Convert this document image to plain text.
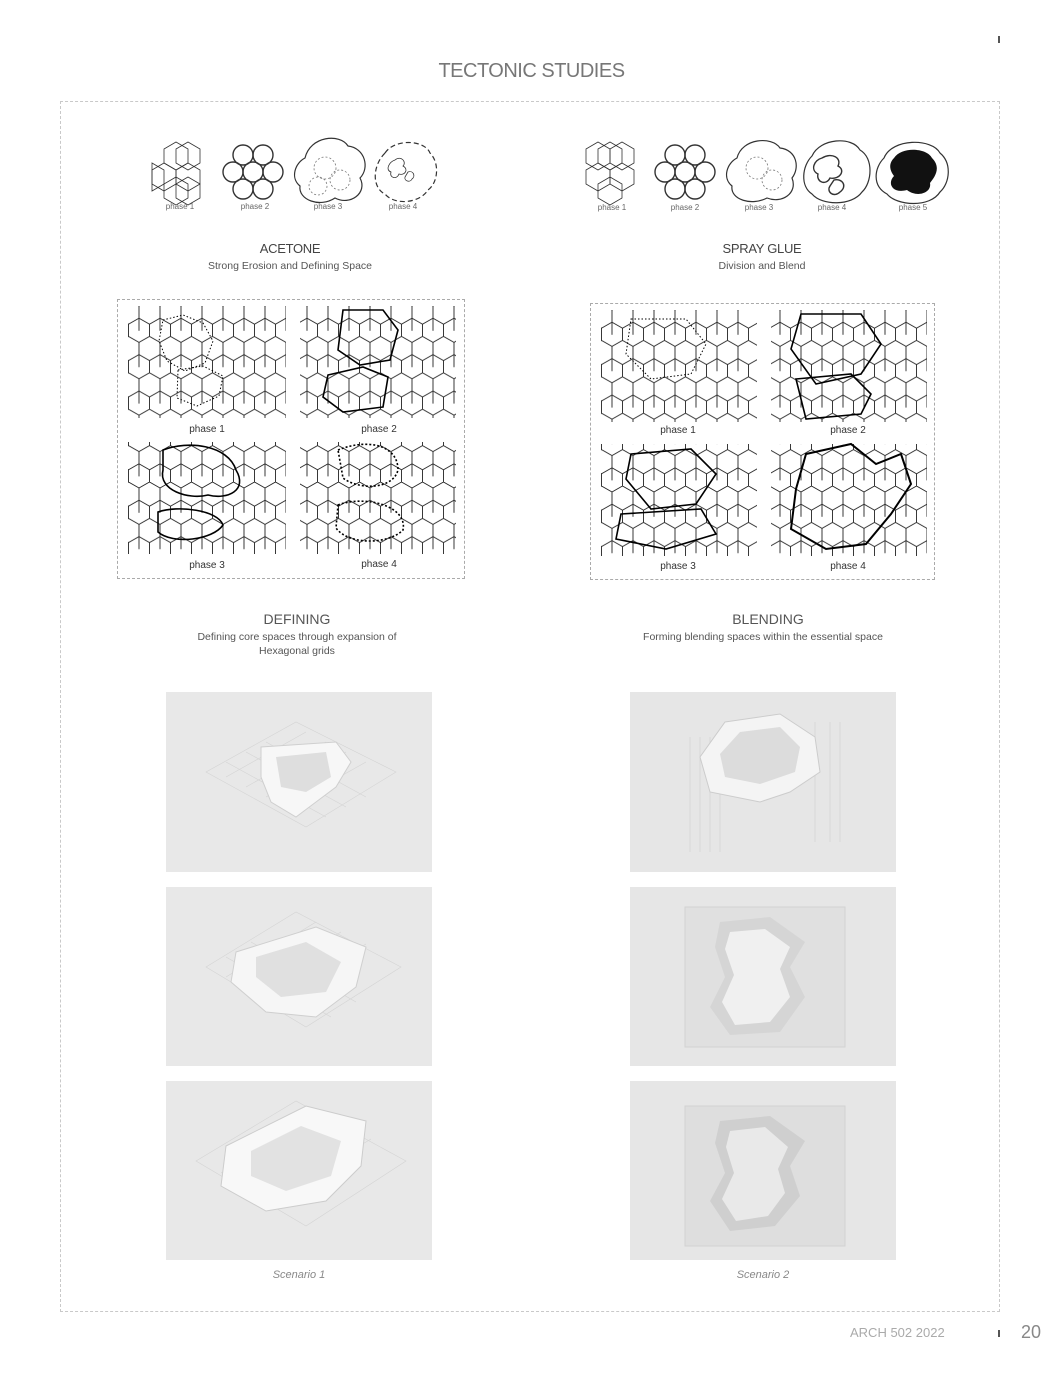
TECTONIC STUDIES
phase 1	phase 2	phase 3	phase 4
ACETONE
Strong Erosion and Defining Space
phase 1	phase 2
phase 3	phase 4
DEFINING
Defining core spaces through expansion of Hexagonal grids
Scenario 1
phase 1	phase 2	phase 3	phase 4	phase 5
SPRAY GLUE
Division and Blend
phase 1	phase 2
phase 3	phase 4
BLENDING
Forming blending spaces within the essential space
Scenario 2
ARCH 502 2022	20
